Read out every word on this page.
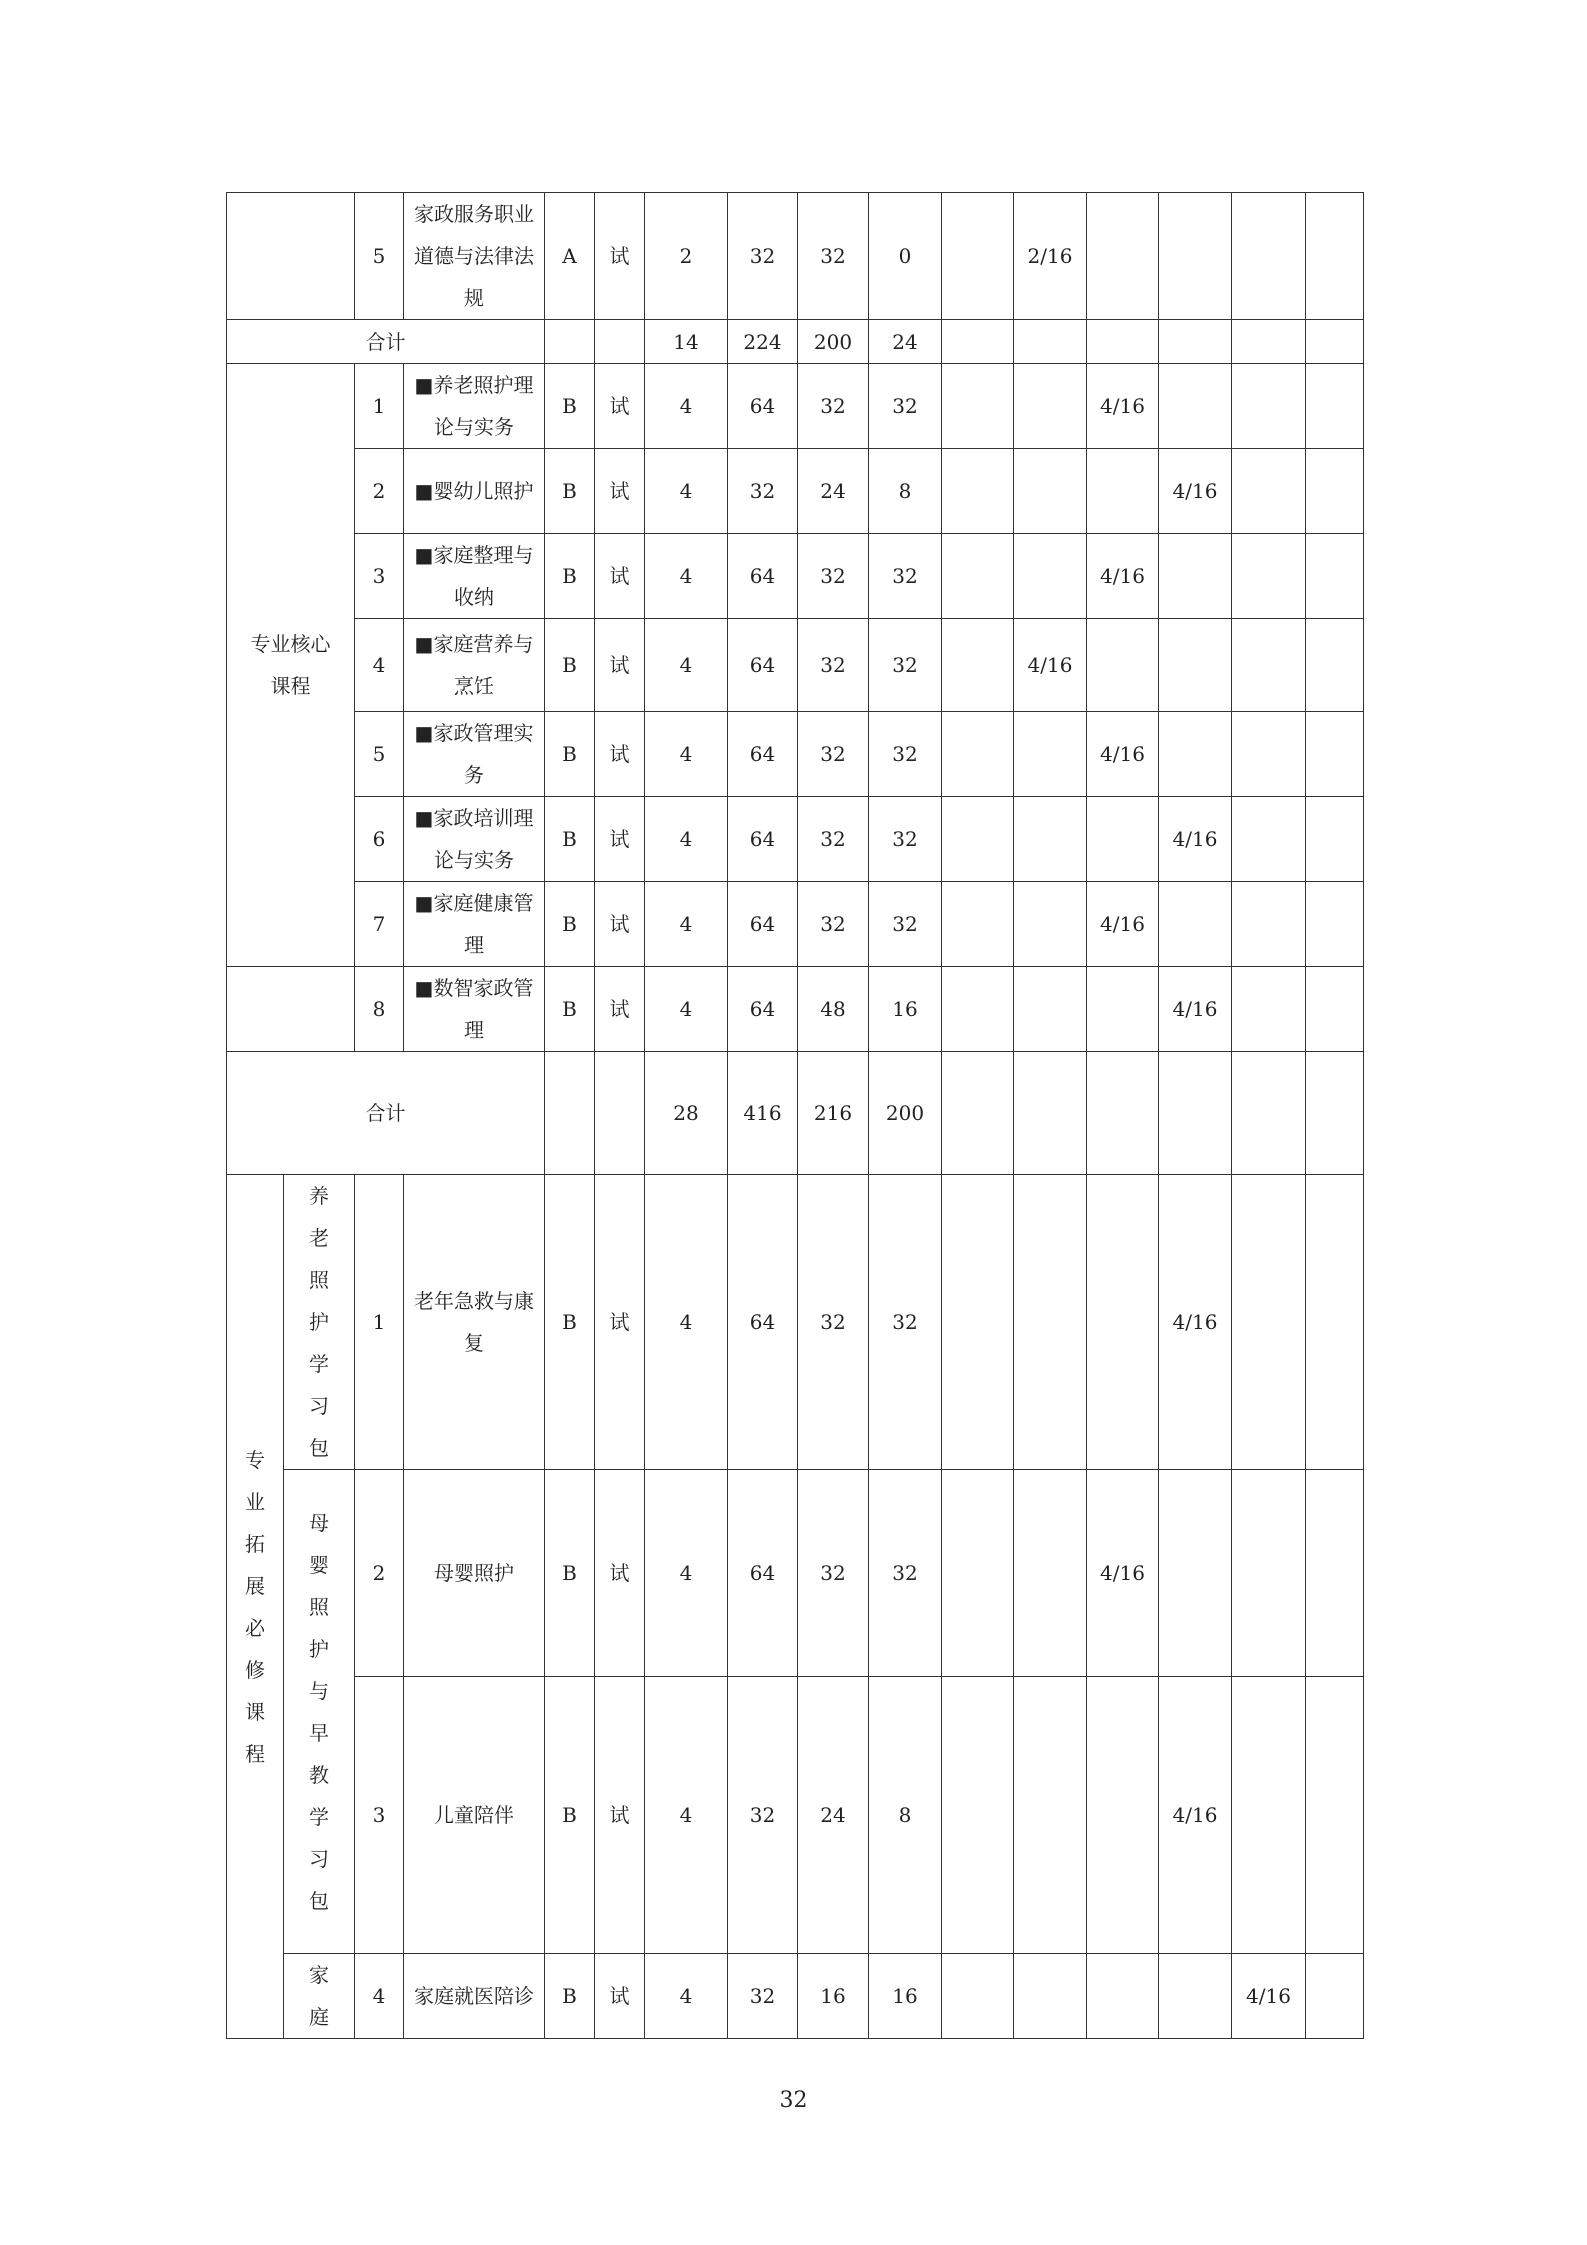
		5	家政服务职业道德与法律法规	A	试	2	32	32	0		2/16				
合计						14	224	200	24						
专业核心课程		1	■养老照护理论与实务	B	试	4	64	32	32			4/16			
		2	■婴幼儿照护	B	试	4	32	24	8				4/16		
		3	■家庭整理与收纳	B	试	4	64	32	32			4/16			
		4	■家庭营养与烹饪	B	试	4	64	32	32		4/16				
		5	■家政管理实务	B	试	4	64	32	32			4/16			
		6	■家政培训理论与实务	B	试	4	64	32	32				4/16		
		7	■家庭健康管理	B	试	4	64	32	32			4/16			
		8	■数智家政管理	B	试	4	64	48	16				4/16		
合计						28	416	216	200						
专业拓展必修课程	养老照护学习包	1	老年急救与康复	B	试	4	64	32	32				4/16		
	母婴照护与早教学习包	2	母婴照护	B	试	4	64	32	32			4/16			
		3	儿童陪伴	B	试	4	32	24	8				4/16		
	家庭	4	家庭就医陪诊	B	试	4	32	16	16					4/16	
32
